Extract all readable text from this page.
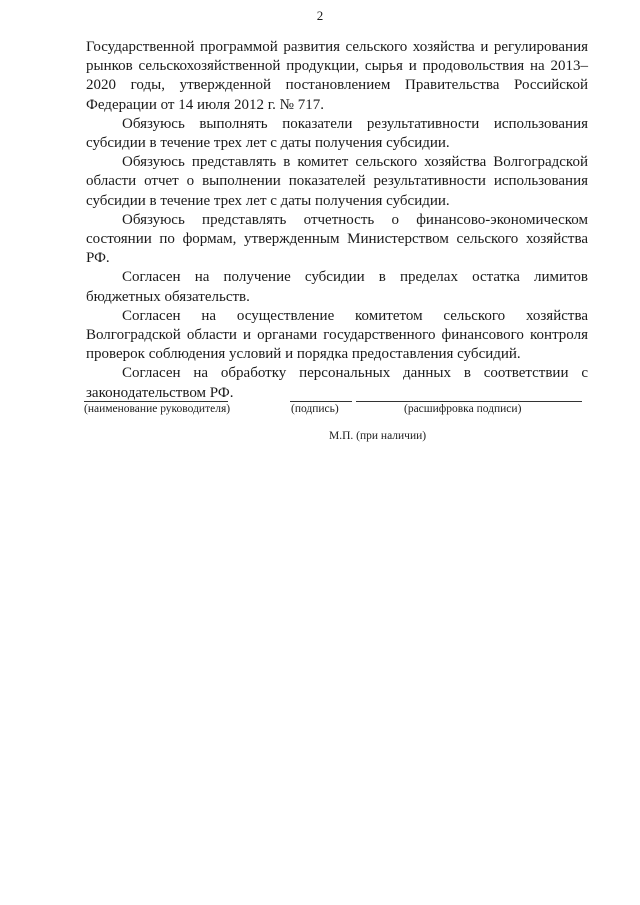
2

Государственной программой развития сельского хозяйства и регулирования рынков сельскохозяйственной продукции, сырья и продовольствия на 2013–2020 годы, утвержденной постановлением Правительства Российской Федерации от 14 июля 2012 г. № 717.

Обязуюсь выполнять показатели результативности использования субсидии в течение трех лет с даты получения субсидии.

Обязуюсь представлять в комитет сельского хозяйства Волгоградской области отчет о выполнении показателей результативности использования субсидии в течение трех лет с даты получения субсидии.

Обязуюсь представлять отчетность о финансово-экономическом состоянии по формам, утвержденным Министерством сельского хозяйства РФ.

Согласен на получение субсидии в пределах остатка лимитов бюджетных обязательств.

Согласен на осуществление комитетом сельского хозяйства Волгоградской области и органами государственного финансового контроля проверок соблюдения условий и порядка предоставления субсидий.

Согласен на обработку персональных данных в соответствии с законодательством РФ.

(наименование руководителя)	(подпись)	(расшифровка подписи)
М.П. (при наличии)
